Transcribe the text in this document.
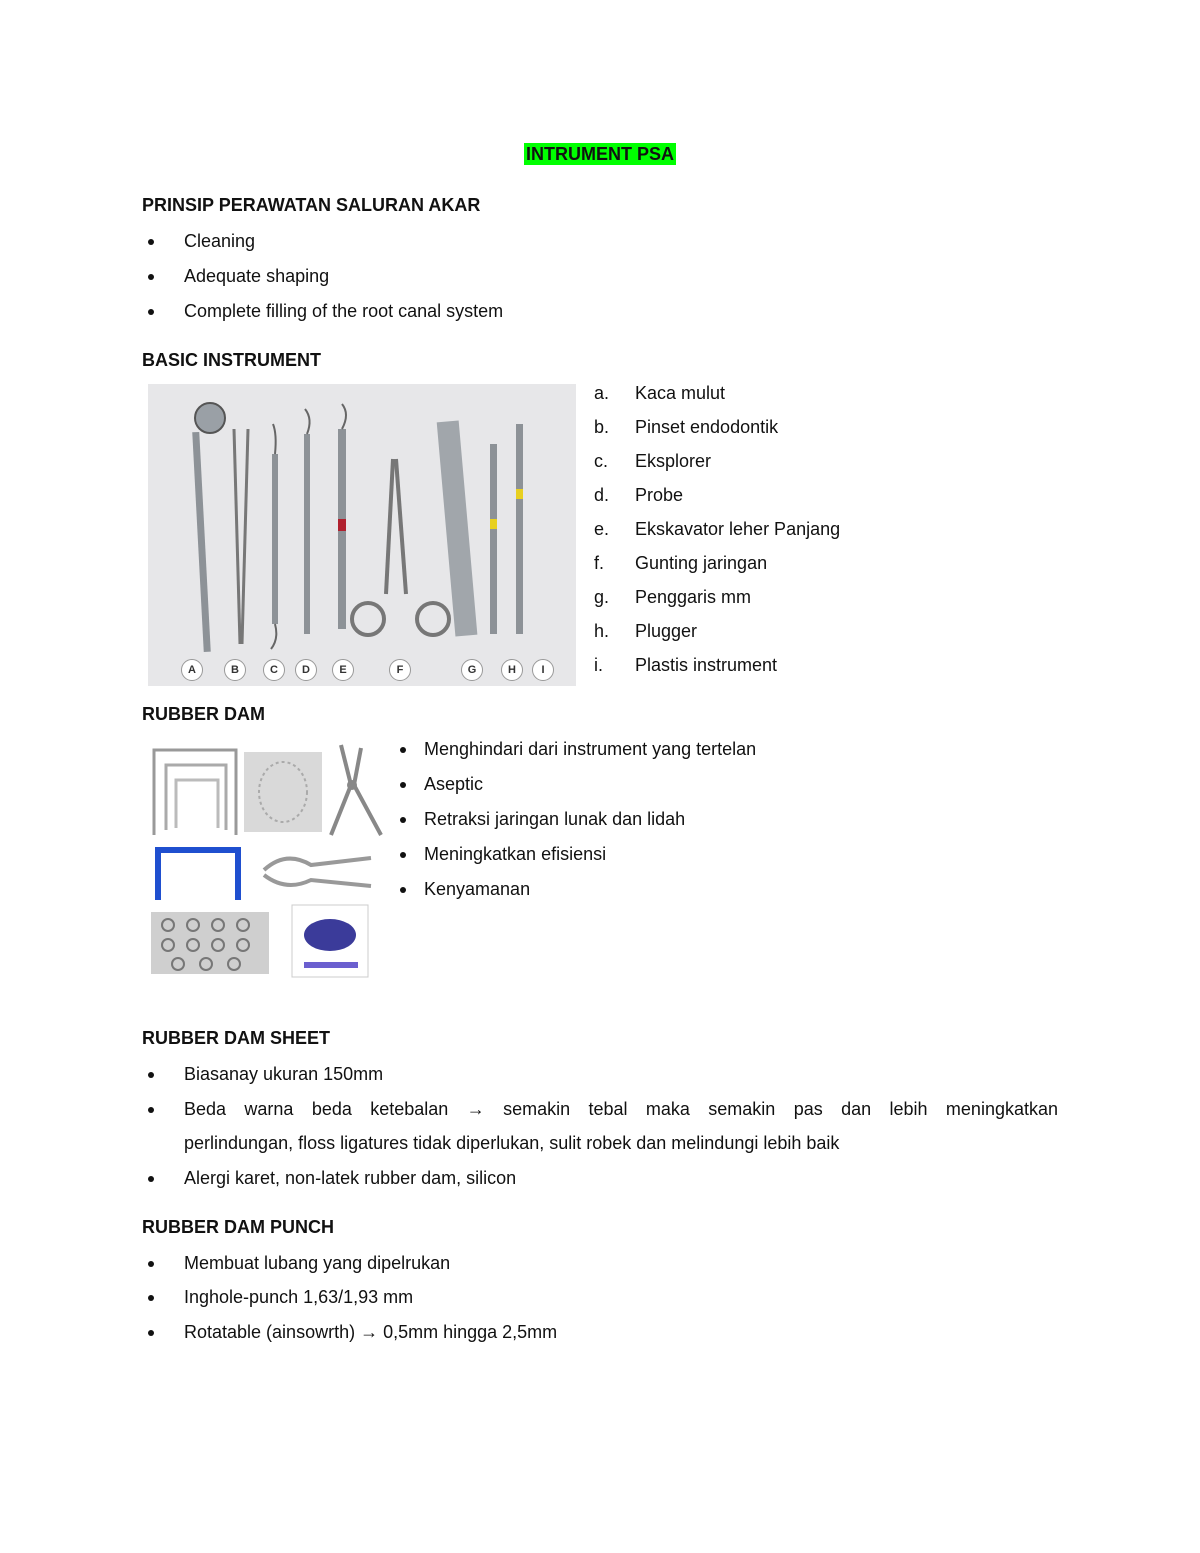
INTRUMENT PSA
PRINSIP PERAWATAN SALURAN AKAR
Cleaning
Adequate shaping
Complete filling of the root canal system
BASIC INSTRUMENT
A	B	C	D	E	F	G	H	I
a. Kaca mulut
b. Pinset endodontik
c. Eksplorer
d. Probe
e. Ekskavator leher Panjang
f. Gunting jaringan
g. Penggaris mm
h. Plugger
i. Plastis instrument
RUBBER DAM
Menghindari dari instrument yang tertelan
Aseptic
Retraksi jaringan lunak dan lidah
Meningkatkan efisiensi
Kenyamanan
RUBBER DAM SHEET
Biasanay ukuran 150mm
Beda warna beda ketebalan → semakin tebal maka semakin pas dan lebih meningkatkan
perlindungan, floss ligatures tidak diperlukan, sulit robek dan melindungi lebih baik
Alergi karet, non-latek rubber dam, silicon
RUBBER DAM PUNCH
Membuat lubang yang dipelrukan
Inghole-punch 1,63/1,93 mm
Rotatable (ainsowrth) → 0,5mm hingga 2,5mm
